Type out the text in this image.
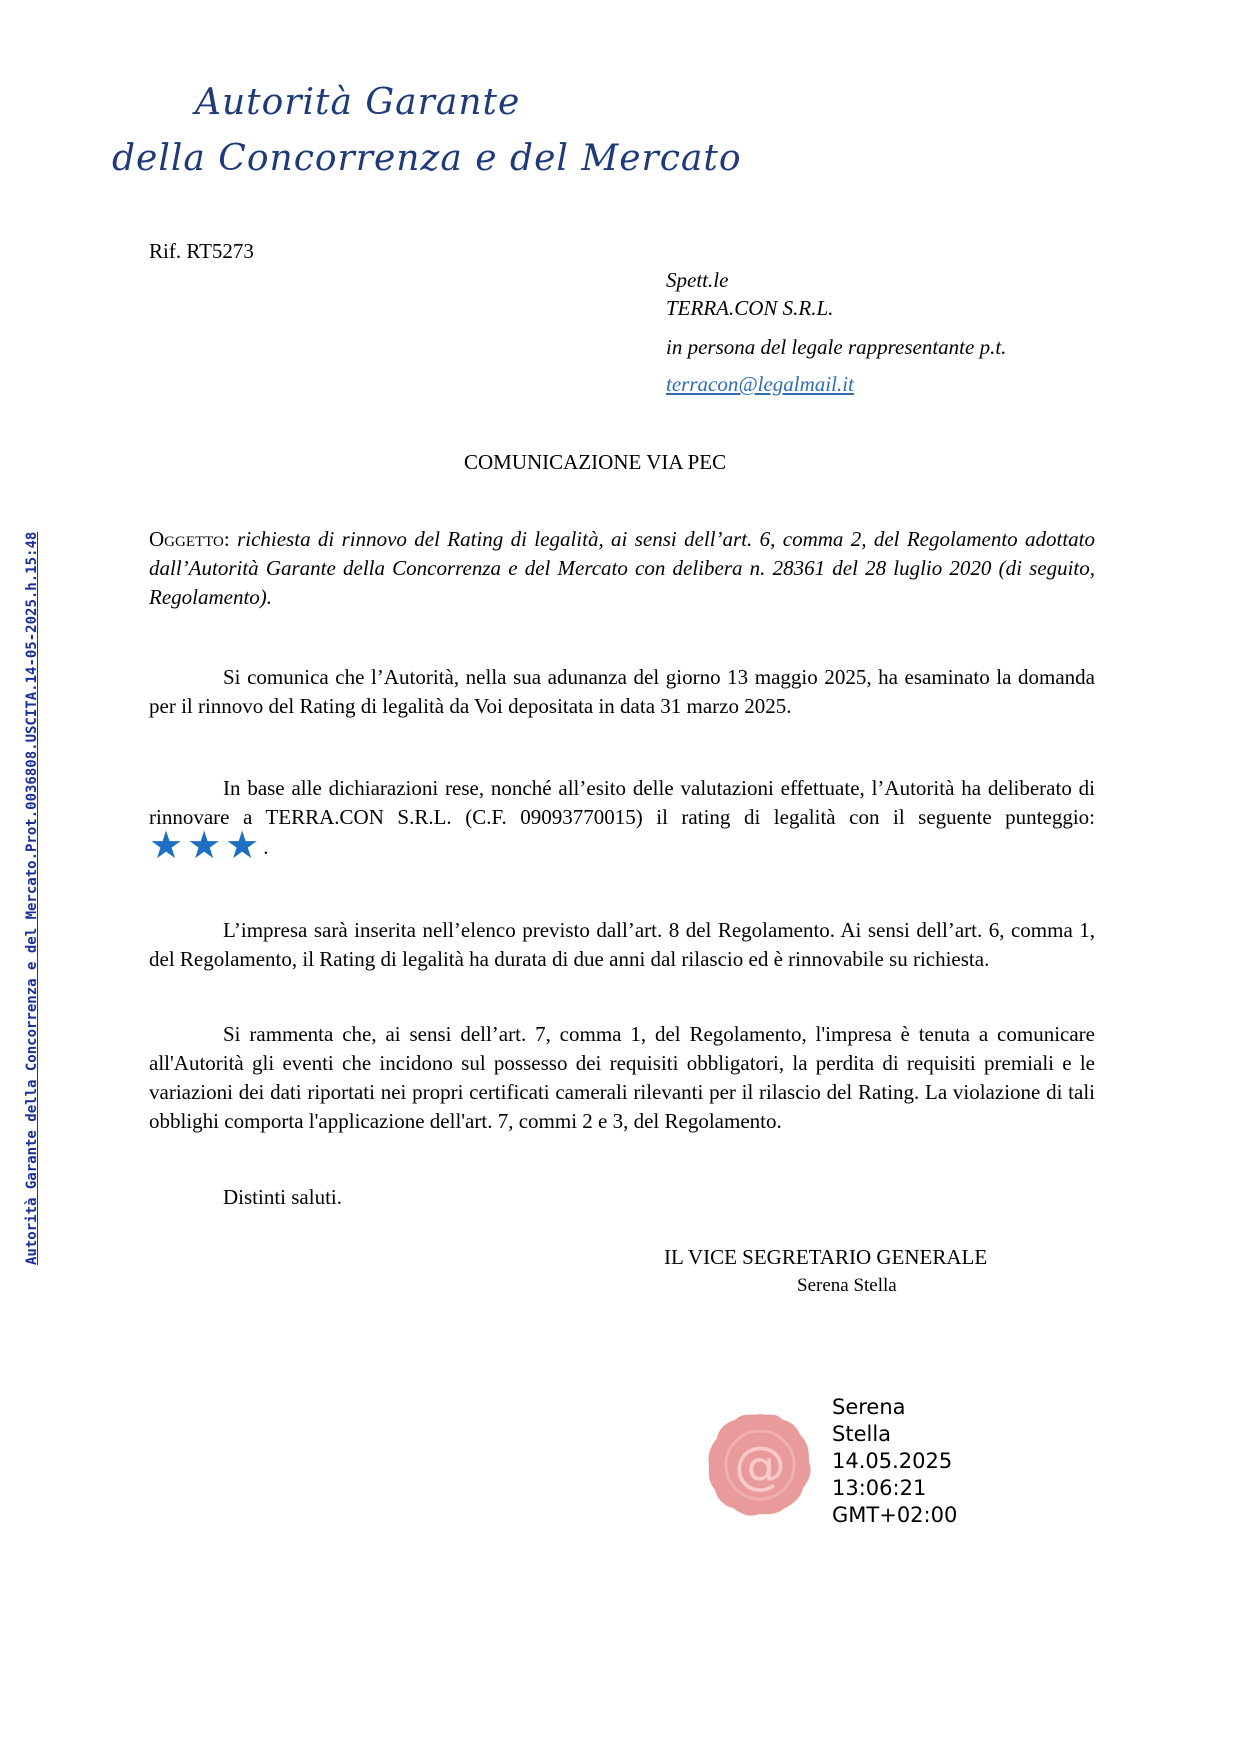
Autorità Garante
della Concorrenza e del Mercato
Autorità Garante della Concorrenza e del Mercato.Prot.0036808.USCITA.14-05-2025.h.15:48
Rif. RT5273
Spett.le
TERRA.CON S.R.L.
in persona del legale rappresentante p.t.
terracon@legalmail.it
COMUNICAZIONE VIA PEC
Oggetto: richiesta di rinnovo del Rating di legalità, ai sensi dell’art. 6, comma 2, del Regolamento adottato dall’Autorità Garante della Concorrenza e del Mercato con delibera n. 28361 del 28 luglio 2020 (di seguito, Regolamento).
Si comunica che l’Autorità, nella sua adunanza del giorno 13 maggio 2025, ha esaminato la domanda per il rinnovo del Rating di legalità da Voi depositata in data 31 marzo 2025.
In base alle dichiarazioni rese, nonché all’esito delle valutazioni effettuate, l’Autorità ha deliberato di rinnovare a TERRA.CON S.R.L. (C.F. 09093770015) il rating di legalità con il seguente punteggio: ★★★.
L’impresa sarà inserita nell’elenco previsto dall’art. 8 del Regolamento. Ai sensi dell’art. 6, comma 1, del Regolamento, il Rating di legalità ha durata di due anni dal rilascio ed è rinnovabile su richiesta.
Si rammenta che, ai sensi dell’art. 7, comma 1, del Regolamento, l'impresa è tenuta a comunicare all'Autorità gli eventi che incidono sul possesso dei requisiti obbligatori, la perdita di requisiti premiali e le variazioni dei dati riportati nei propri certificati camerali rilevanti per il rilascio del Rating. La violazione di tali obblighi comporta l'applicazione dell'art. 7, commi 2 e 3, del Regolamento.
Distinti saluti.
IL VICE SEGRETARIO GENERALE
Serena Stella
@
Serena
Stella
14.05.2025
13:06:21
GMT+02:00
